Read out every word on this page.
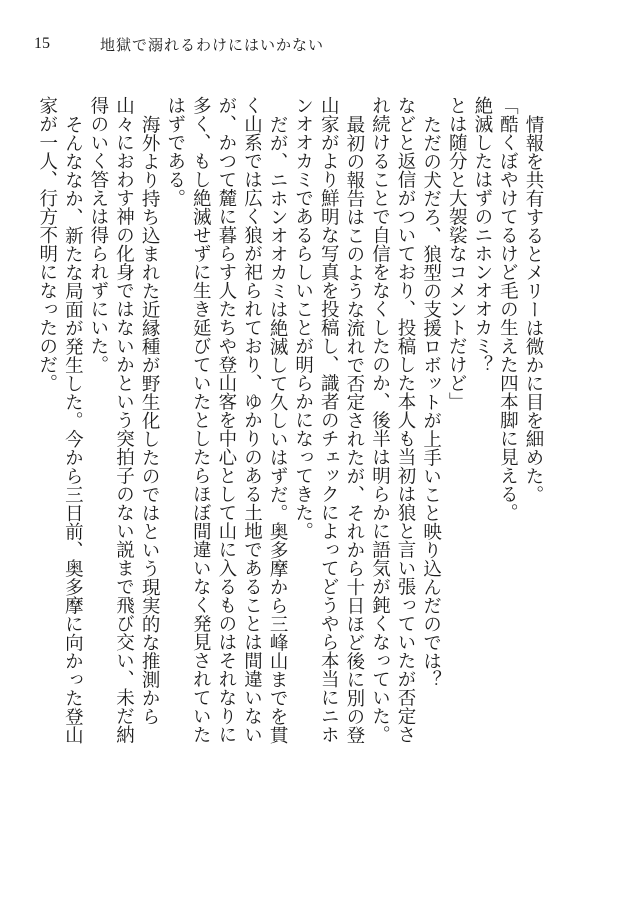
15	地獄で溺れるわけにはいかない

情報を共有するとメリーは微かに目を細めた。

「酷くぼやけてるけど毛の生えた四本脚に見える。
絶滅したはずのニホンオオカミ？
とは随分と大袈裟なコメントだけど」

ただの犬だろ、狼型の支援ロボットが上手いこと映り込んだのでは？
などと返信がついており、投稿した本人も当初は狼と言い張っていたが否定され続けることで自信をなくしたのか、後半は明らかに語気が鈍くなっていた。

最初の報告はこのような流れで否定されたが、それから十日ほど後に別の登山家がより鮮明な写真を投稿し、識者のチェックによってどうやら本当にニホンオオカミであるらしいことが明らかになってきた。

だが、ニホンオオカミは絶滅して久しいはずだ。奥多摩から三峰山までを貫く山系では広く狼が祀られており、ゆかりのある土地であることは間違いないが、かつて麓に暮らす人たちや登山客を中心として山に入るものはそれなりに多く、もし絶滅せずに生き延びていたとしたらほぼ間違いなく発見されていたはずである。

海外より持ち込まれた近縁種が野生化したのではという現実的な推測から山々におわす神の化身ではないかという突拍子のない説まで飛び交い、未だ納得のいく答えは得られずにいた。

そんななか、新たな局面が発生した。今から三日前、奥多摩に向かった登山家が一人、行方不明になったのだ。
